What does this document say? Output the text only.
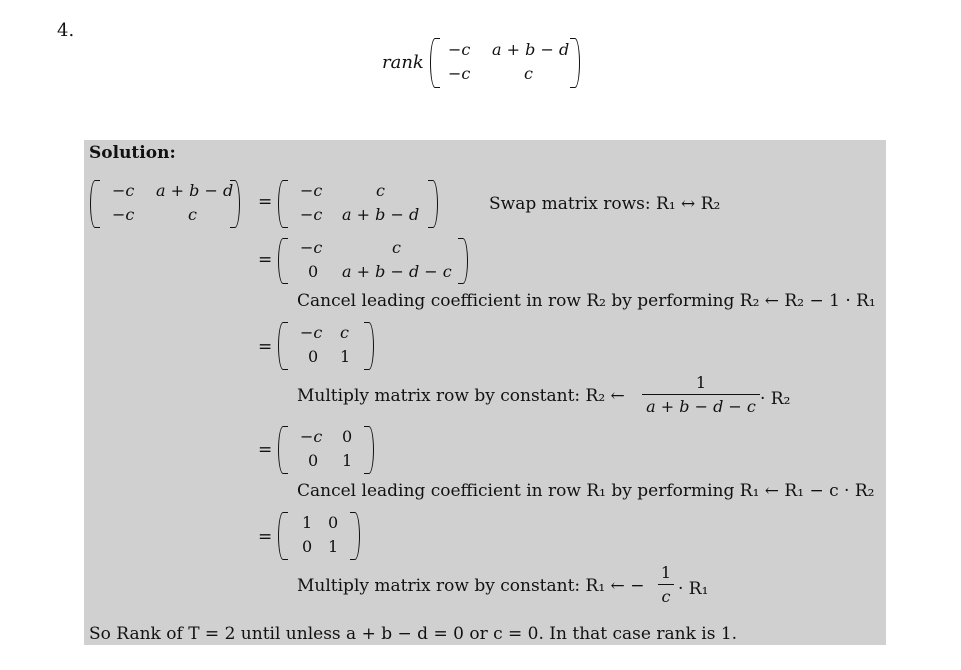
4.
rank
−c a + b − d
−c	c
Solution:
−c a + b − d
−c	c
=
−c	c
−c a + b − d
Swap matrix rows: R₁ ↔ R₂
=
−c	c
0 a + b − d − c
Cancel leading coefficient in row R₂ by performing R₂ ← R₂ − 1 · R₁
=
−c c
0 1
Multiply matrix row by constant: R₂ ←
1
a + b − d − c · R₂
=
−c 0
0 1
Cancel leading coefficient in row R₁ by performing R₁ ← R₁ − c · R₂
=
1 0
0 1
Multiply matrix row by constant: R₁ ← −
1
c · R₁
So Rank of T = 2 until unless a + b − d = 0 or c = 0. In that case rank is 1.
